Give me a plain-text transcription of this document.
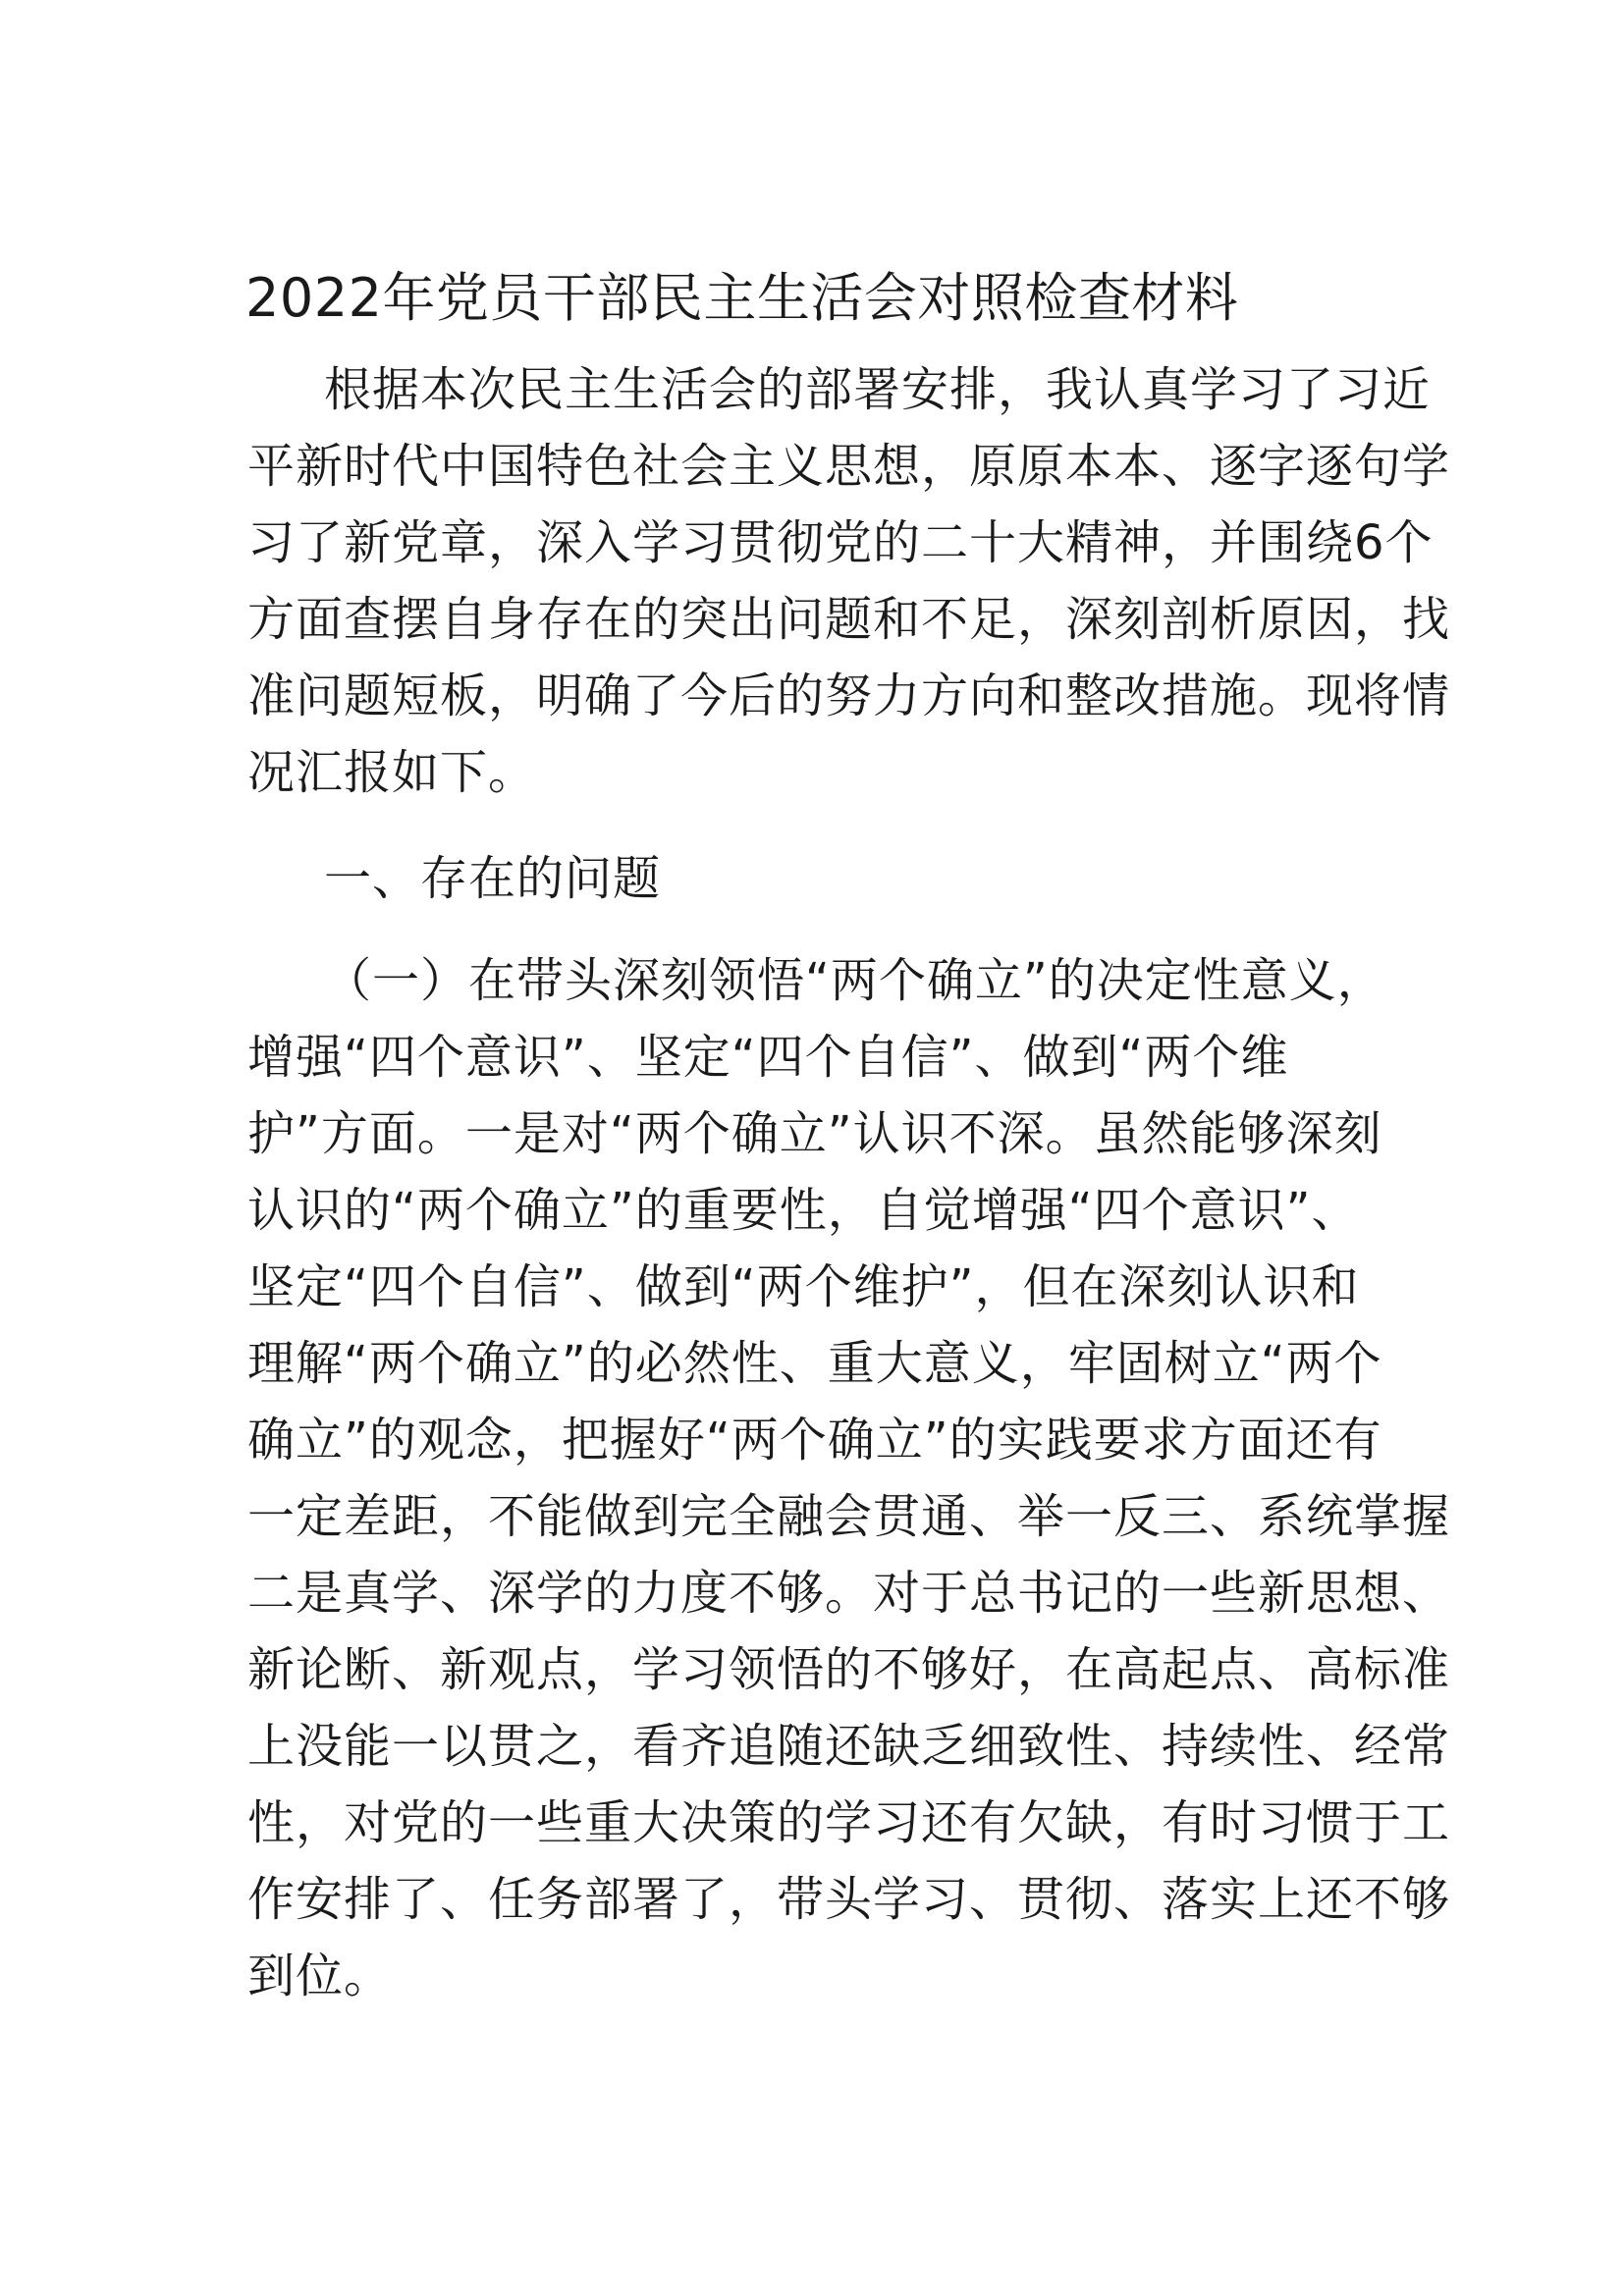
2022年党员干部民主生活会对照检查材料
根据本次民主生活会的部署安排，我认真学习了习近
平新时代中国特色社会主义思想，原原本本、逐字逐句学
习了新党章，深入学习贯彻党的二十大精神，并围绕6个
方面查摆自身存在的突出问题和不足，深刻剖析原因，找
准问题短板，明确了今后的努力方向和整改措施。现将情
况汇报如下。
一、存在的问题
（一）在带头深刻领悟“两个确立”的决定性意义，
增强“四个意识”、坚定“四个自信”、做到“两个维
护”方面。一是对“两个确立”认识不深。虽然能够深刻
认识的“两个确立”的重要性，自觉增强“四个意识”、
坚定“四个自信”、做到“两个维护”，但在深刻认识和
理解“两个确立”的必然性、重大意义，牢固树立“两个
确立”的观念，把握好“两个确立”的实践要求方面还有
一定差距，不能做到完全融会贯通、举一反三、系统掌握
二是真学、深学的力度不够。对于总书记的一些新思想、
新论断、新观点，学习领悟的不够好，在高起点、高标准
上没能一以贯之，看齐追随还缺乏细致性、持续性、经常
性，对党的一些重大决策的学习还有欠缺，有时习惯于工
作安排了、任务部署了，带头学习、贯彻、落实上还不够
到位。
